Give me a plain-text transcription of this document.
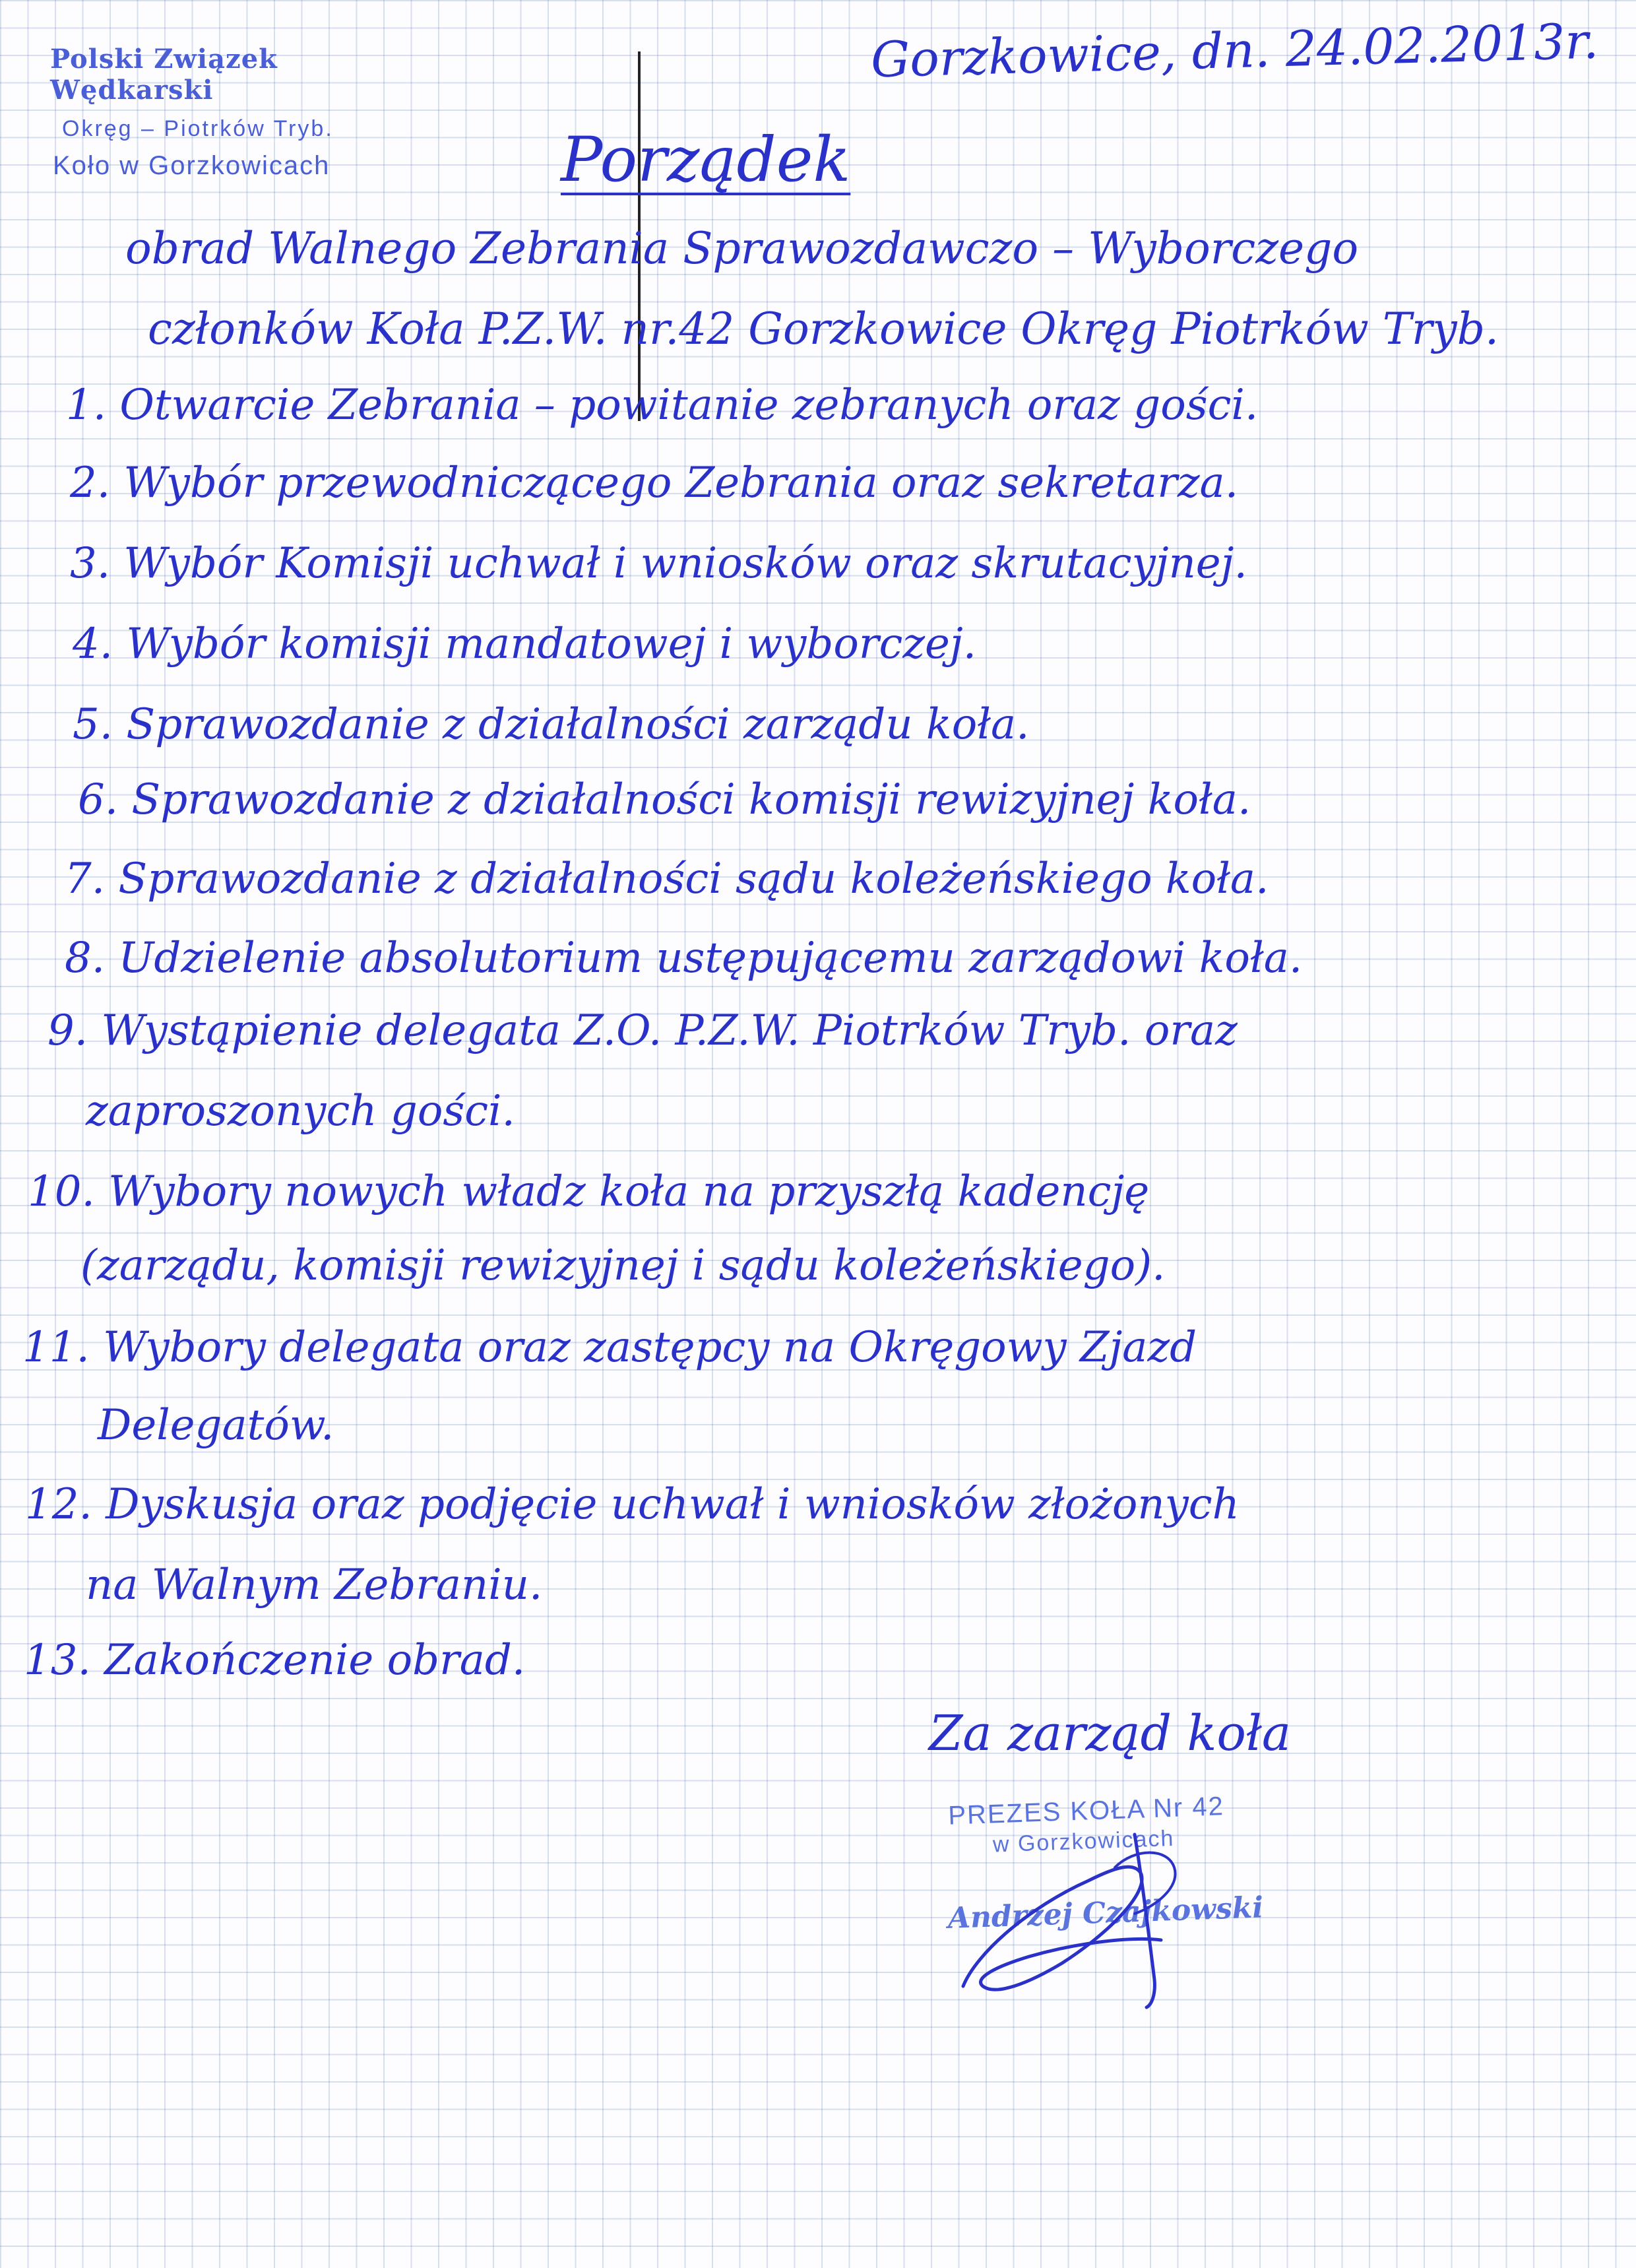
Polski Związek Wędkarski
Okręg – Piotrków Tryb.
Koło w Gorzkowicach
Gorzkowice, dn. 24.02.2013r.
Porządek
obrad Walnego Zebrania Sprawozdawczo – Wyborczego
członków Koła P.Z.W. nr.42 Gorzkowice Okręg Piotrków Tryb.
1. Otwarcie Zebrania – powitanie zebranych oraz gości.
2. Wybór przewodniczącego Zebrania oraz sekretarza.
3. Wybór Komisji uchwał i wniosków oraz skrutacyjnej.
4. Wybór komisji mandatowej i wyborczej.
5. Sprawozdanie z działalności zarządu koła.
6. Sprawozdanie z działalności komisji rewizyjnej koła.
7. Sprawozdanie z działalności sądu koleżeńskiego koła.
8. Udzielenie absolutorium ustępującemu zarządowi koła.
9. Wystąpienie delegata Z.O. P.Z.W. Piotrków Tryb. oraz
zaproszonych gości.
10. Wybory nowych władz koła na przyszłą kadencję
(zarządu, komisji rewizyjnej i sądu koleżeńskiego).
11. Wybory delegata oraz zastępcy na Okręgowy Zjazd
Delegatów.
12. Dyskusja oraz podjęcie uchwał i wniosków złożonych
na Walnym Zebraniu.
13. Zakończenie obrad.
Za zarząd koła
PREZES KOŁA Nr 42
w Gorzkowicach
Andrzej Czajkowski
